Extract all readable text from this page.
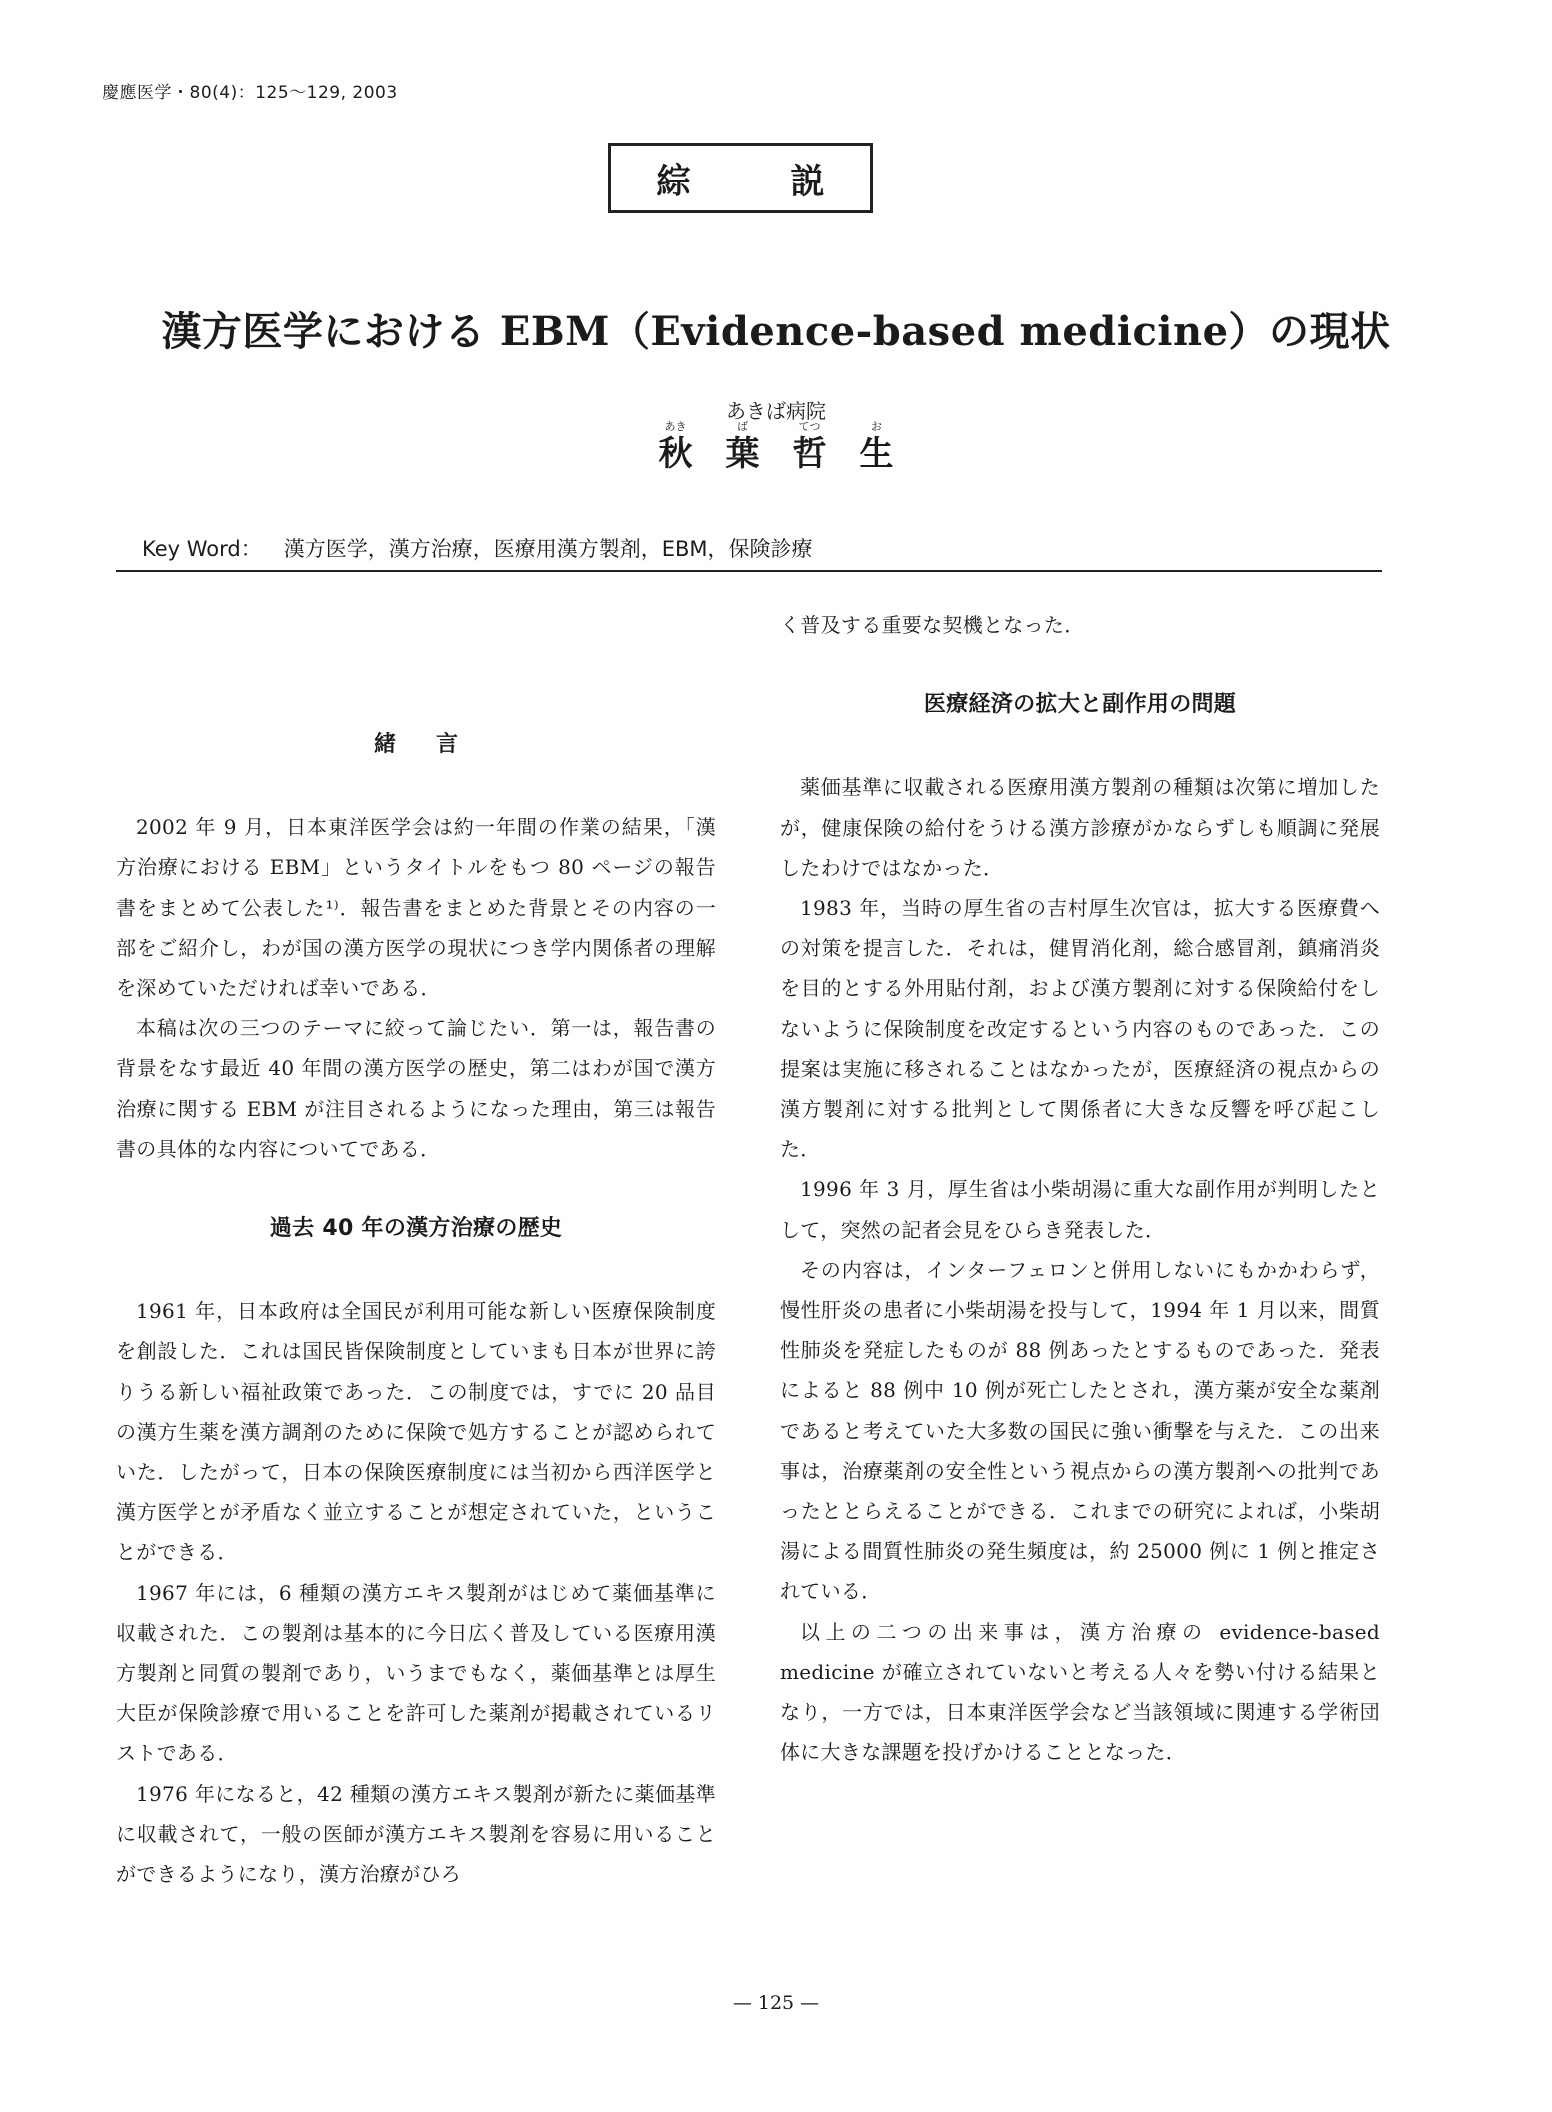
慶應医学・80(4)：125～129, 2003
綜説
漢方医学における EBM（Evidence-based medicine）の現状
あきば病院
あき
秋
ば
葉
てつ
哲
お
生
Key Word： 漢方医学，漢方治療，医療用漢方製剤，EBM，保険診療
緒言

2002 年 9 月，日本東洋医学会は約一年間の作業の結果，「漢方治療における EBM」というタイトルをもつ 80 ページの報告書をまとめて公表した¹⁾．報告書をまとめた背景とその内容の一部をご紹介し，わが国の漢方医学の現状につき学内関係者の理解を深めていただければ幸いである．

本稿は次の三つのテーマに絞って論じたい．第一は，報告書の背景をなす最近 40 年間の漢方医学の歴史，第二はわが国で漢方治療に関する EBM が注目されるようになった理由，第三は報告書の具体的な内容についてである．

過去 40 年の漢方治療の歴史

1961 年，日本政府は全国民が利用可能な新しい医療保険制度を創設した．これは国民皆保険制度としていまも日本が世界に誇りうる新しい福祉政策であった．この制度では，すでに 20 品目の漢方生薬を漢方調剤のために保険で処方することが認められていた．したがって，日本の保険医療制度には当初から西洋医学と漢方医学とが矛盾なく並立することが想定されていた，ということができる．

1967 年には，6 種類の漢方エキス製剤がはじめて薬価基準に収載された．この製剤は基本的に今日広く普及している医療用漢方製剤と同質の製剤であり，いうまでもなく，薬価基準とは厚生大臣が保険診療で用いることを許可した薬剤が掲載されているリストである．

1976 年になると，42 種類の漢方エキス製剤が新たに薬価基準に収載されて，一般の医師が漢方エキス製剤を容易に用いることができるようになり，漢方治療がひろ

く普及する重要な契機となった．

医療経済の拡大と副作用の問題

薬価基準に収載される医療用漢方製剤の種類は次第に増加したが，健康保険の給付をうける漢方診療がかならずしも順調に発展したわけではなかった．

1983 年，当時の厚生省の吉村厚生次官は，拡大する医療費への対策を提言した．それは，健胃消化剤，総合感冒剤，鎮痛消炎を目的とする外用貼付剤，および漢方製剤に対する保険給付をしないように保険制度を改定するという内容のものであった．この提案は実施に移されることはなかったが，医療経済の視点からの漢方製剤に対する批判として関係者に大きな反響を呼び起こした．

1996 年 3 月，厚生省は小柴胡湯に重大な副作用が判明したとして，突然の記者会見をひらき発表した．

その内容は，インターフェロンと併用しないにもかかわらず，慢性肝炎の患者に小柴胡湯を投与して，1994 年 1 月以来，間質性肺炎を発症したものが 88 例あったとするものであった．発表によると 88 例中 10 例が死亡したとされ，漢方薬が安全な薬剤であると考えていた大多数の国民に強い衝撃を与えた．この出来事は，治療薬剤の安全性という視点からの漢方製剤への批判であったととらえることができる．これまでの研究によれば，小柴胡湯による間質性肺炎の発生頻度は，約 25000 例に 1 例と推定されている．

以上の二つの出来事は，漢方治療の evidence-based medicine が確立されていないと考える人々を勢い付ける結果となり，一方では，日本東洋医学会など当該領域に関連する学術団体に大きな課題を投げかけることとなった．

— 125 —
